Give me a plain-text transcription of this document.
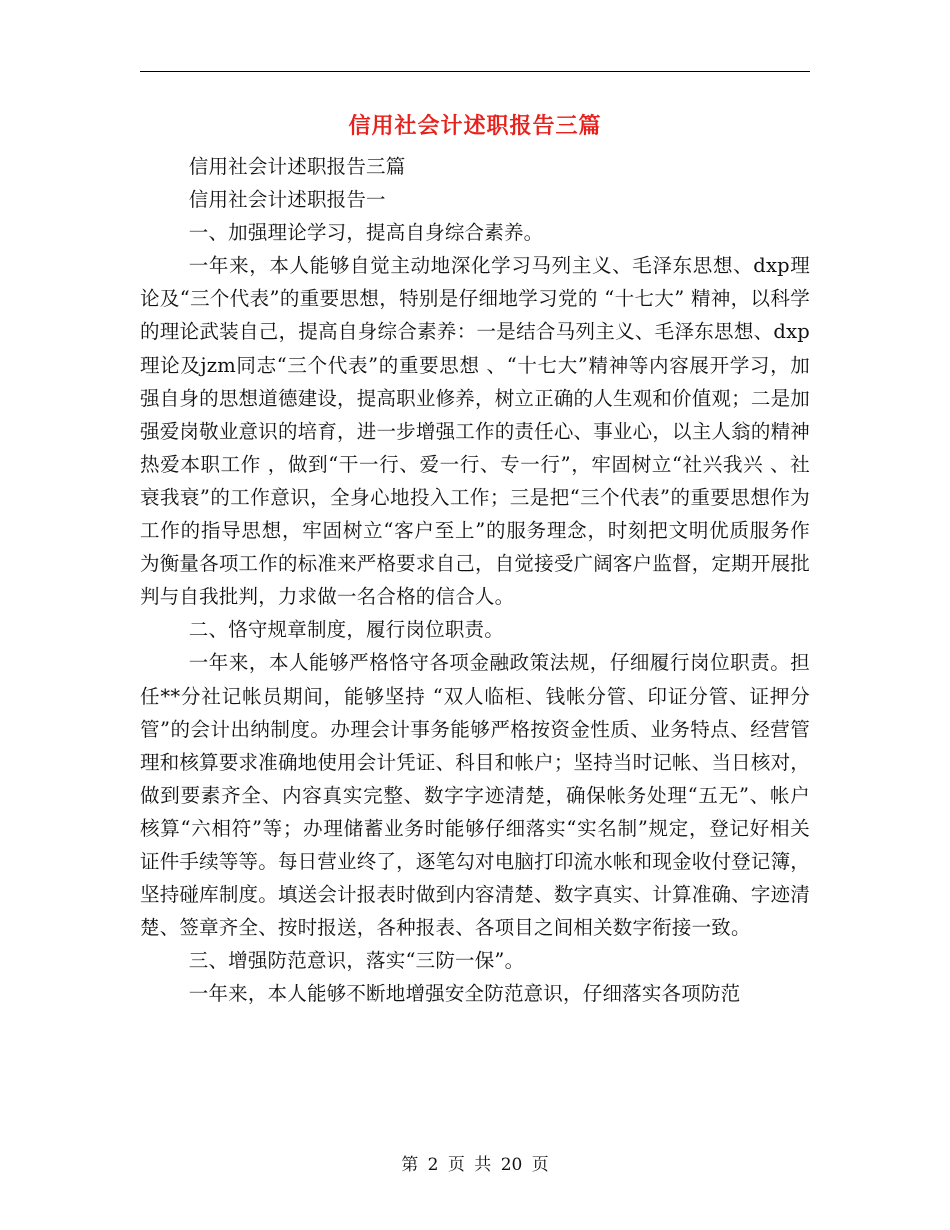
信用社会计述职报告三篇

信用社会计述职报告三篇

信用社会计述职报告一

一、加强理论学习，提高自身综合素养。

一年来，本人能够自觉主动地深化学习马列主义、毛泽东思想、dxp理论及“三个代表”的重要思想，特别是仔细地学习党的 “十七大” 精神，以科学的理论武装自己，提高自身综合素养：一是结合马列主义、毛泽东思想、dxp理论及jzm同志“三个代表”的重要思想 、“十七大”精神等内容展开学习，加强自身的思想道德建设，提高职业修养，树立正确的人生观和价值观；二是加强爱岗敬业意识的培育，进一步增强工作的责任心、事业心，以主人翁的精神热爱本职工作 ，做到“干一行、爱一行、专一行”，牢固树立“社兴我兴 、社衰我衰”的工作意识，全身心地投入工作；三是把“三个代表”的重要思想作为工作的指导思想，牢固树立“客户至上”的服务理念，时刻把文明优质服务作为衡量各项工作的标准来严格要求自己，自觉接受广阔客户监督，定期开展批判与自我批判，力求做一名合格的信合人。

二、恪守规章制度，履行岗位职责。

一年来，本人能够严格恪守各项金融政策法规，仔细履行岗位职责。担任**分社记帐员期间，能够坚持 “双人临柜、钱帐分管、印证分管、证押分管”的会计出纳制度。办理会计事务能够严格按资金性质、业务特点、经营管理和核算要求准确地使用会计凭证、科目和帐户；坚持当时记帐、当日核对，做到要素齐全、内容真实完整、数字字迹清楚，确保帐务处理“五无”、帐户核算“六相符”等；办理储蓄业务时能够仔细落实“实名制”规定，登记好相关证件手续等等。每日营业终了，逐笔勾对电脑打印流水帐和现金收付登记簿，坚持碰库制度。填送会计报表时做到内容清楚、数字真实、计算准确、字迹清楚、签章齐全、按时报送，各种报表、各项目之间相关数字衔接一致。

三、增强防范意识，落实“三防一保”。

一年来，本人能够不断地增强安全防范意识，仔细落实各项防范

第 2 页 共 20 页
